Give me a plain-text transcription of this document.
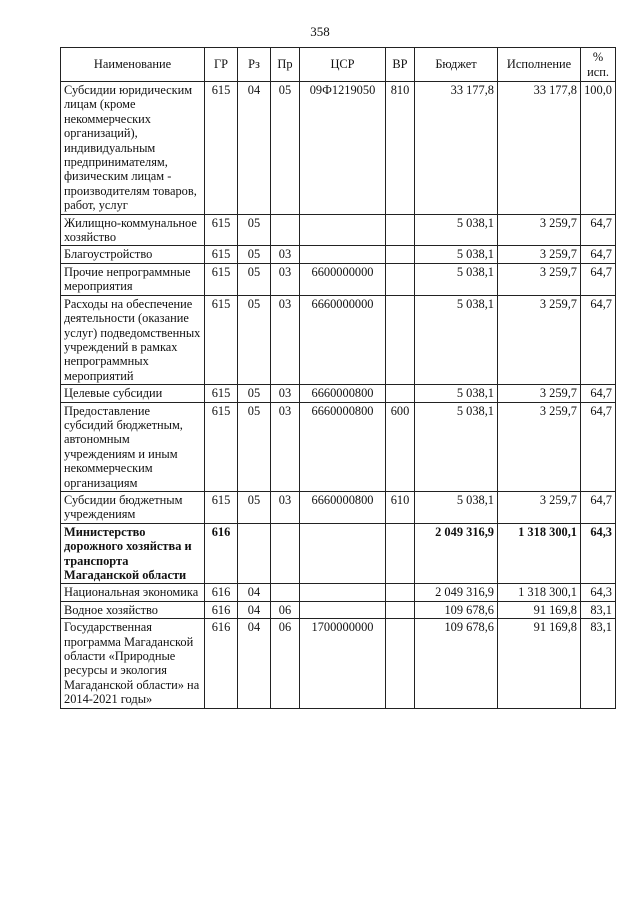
358
Наименование	ГР	Рз	Пр	ЦСР	ВР	Бюджет	Исполнение	%
исп.
Субсидии юридическим лицам (кроме некоммерческих организаций), индивидуальным предпринимателям, физическим лицам - производителям товаров, работ, услуг	615	04	05	09Ф1219050	810	33 177,8	33 177,8	100,0
Жилищно-коммунальное хозяйство	615	05				5 038,1	3 259,7	64,7
Благоустройство	615	05	03			5 038,1	3 259,7	64,7
Прочие непрограммные мероприятия	615	05	03	6600000000		5 038,1	3 259,7	64,7
Расходы на обеспечение деятельности (оказание услуг) подведомственных учреждений в рамках непрограммных мероприятий	615	05	03	6660000000		5 038,1	3 259,7	64,7
Целевые субсидии	615	05	03	6660000800		5 038,1	3 259,7	64,7
Предоставление субсидий бюджетным, автономным учреждениям и иным некоммерческим организациям	615	05	03	6660000800	600	5 038,1	3 259,7	64,7
Субсидии бюджетным учреждениям	615	05	03	6660000800	610	5 038,1	3 259,7	64,7
Министерство дорожного хозяйства и транспорта Магаданской области	616					2 049 316,9	1 318 300,1	64,3
Национальная экономика	616	04				2 049 316,9	1 318 300,1	64,3
Водное хозяйство	616	04	06			109 678,6	91 169,8	83,1
Государственная программа Магаданской области «Природные ресурсы и экология Магаданской области» на 2014-2021 годы»	616	04	06	1700000000		109 678,6	91 169,8	83,1
